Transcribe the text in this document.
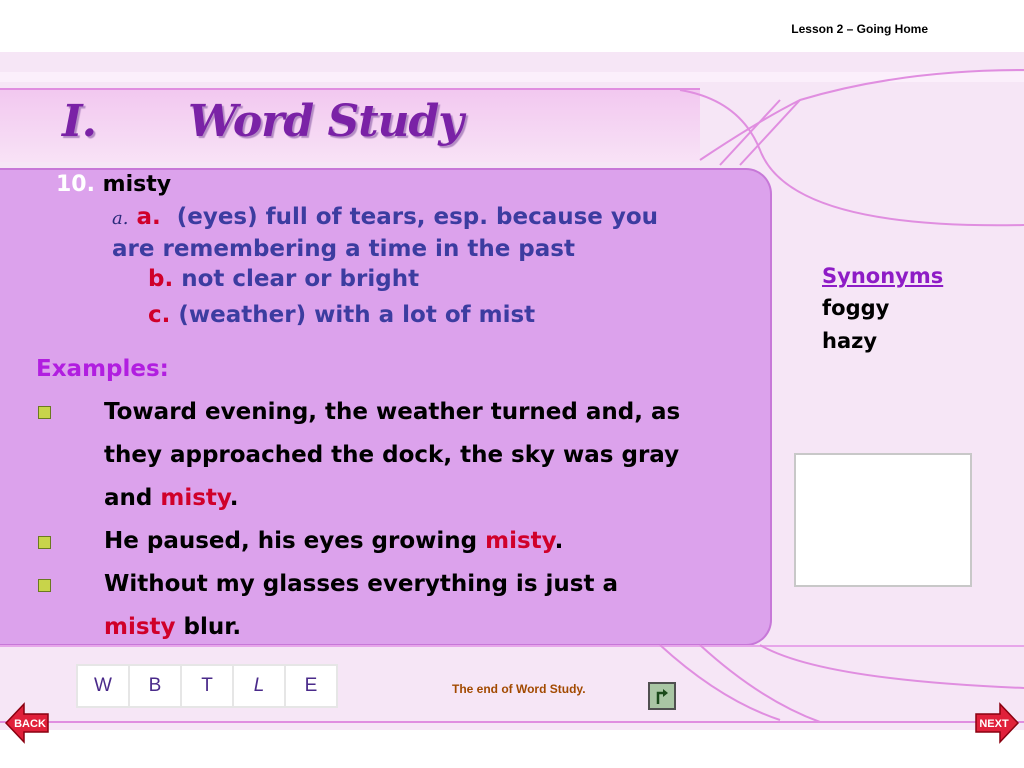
Lesson 2 – Going Home
I. Word Study
10. misty
a. a. (eyes) full of tears, esp. because you
are remembering a time in the past
b. not clear or bright
c. (weather) with a lot of mist
Examples:
Toward evening, the weather turned and, as
they approached the dock, the sky was gray
and misty.
He paused, his eyes growing misty.
Without my glasses everything is just a
misty blur.
Synonyms
foggy
hazy
W	B	T	L	E	The end of Word Study.
BACK	NEXT
